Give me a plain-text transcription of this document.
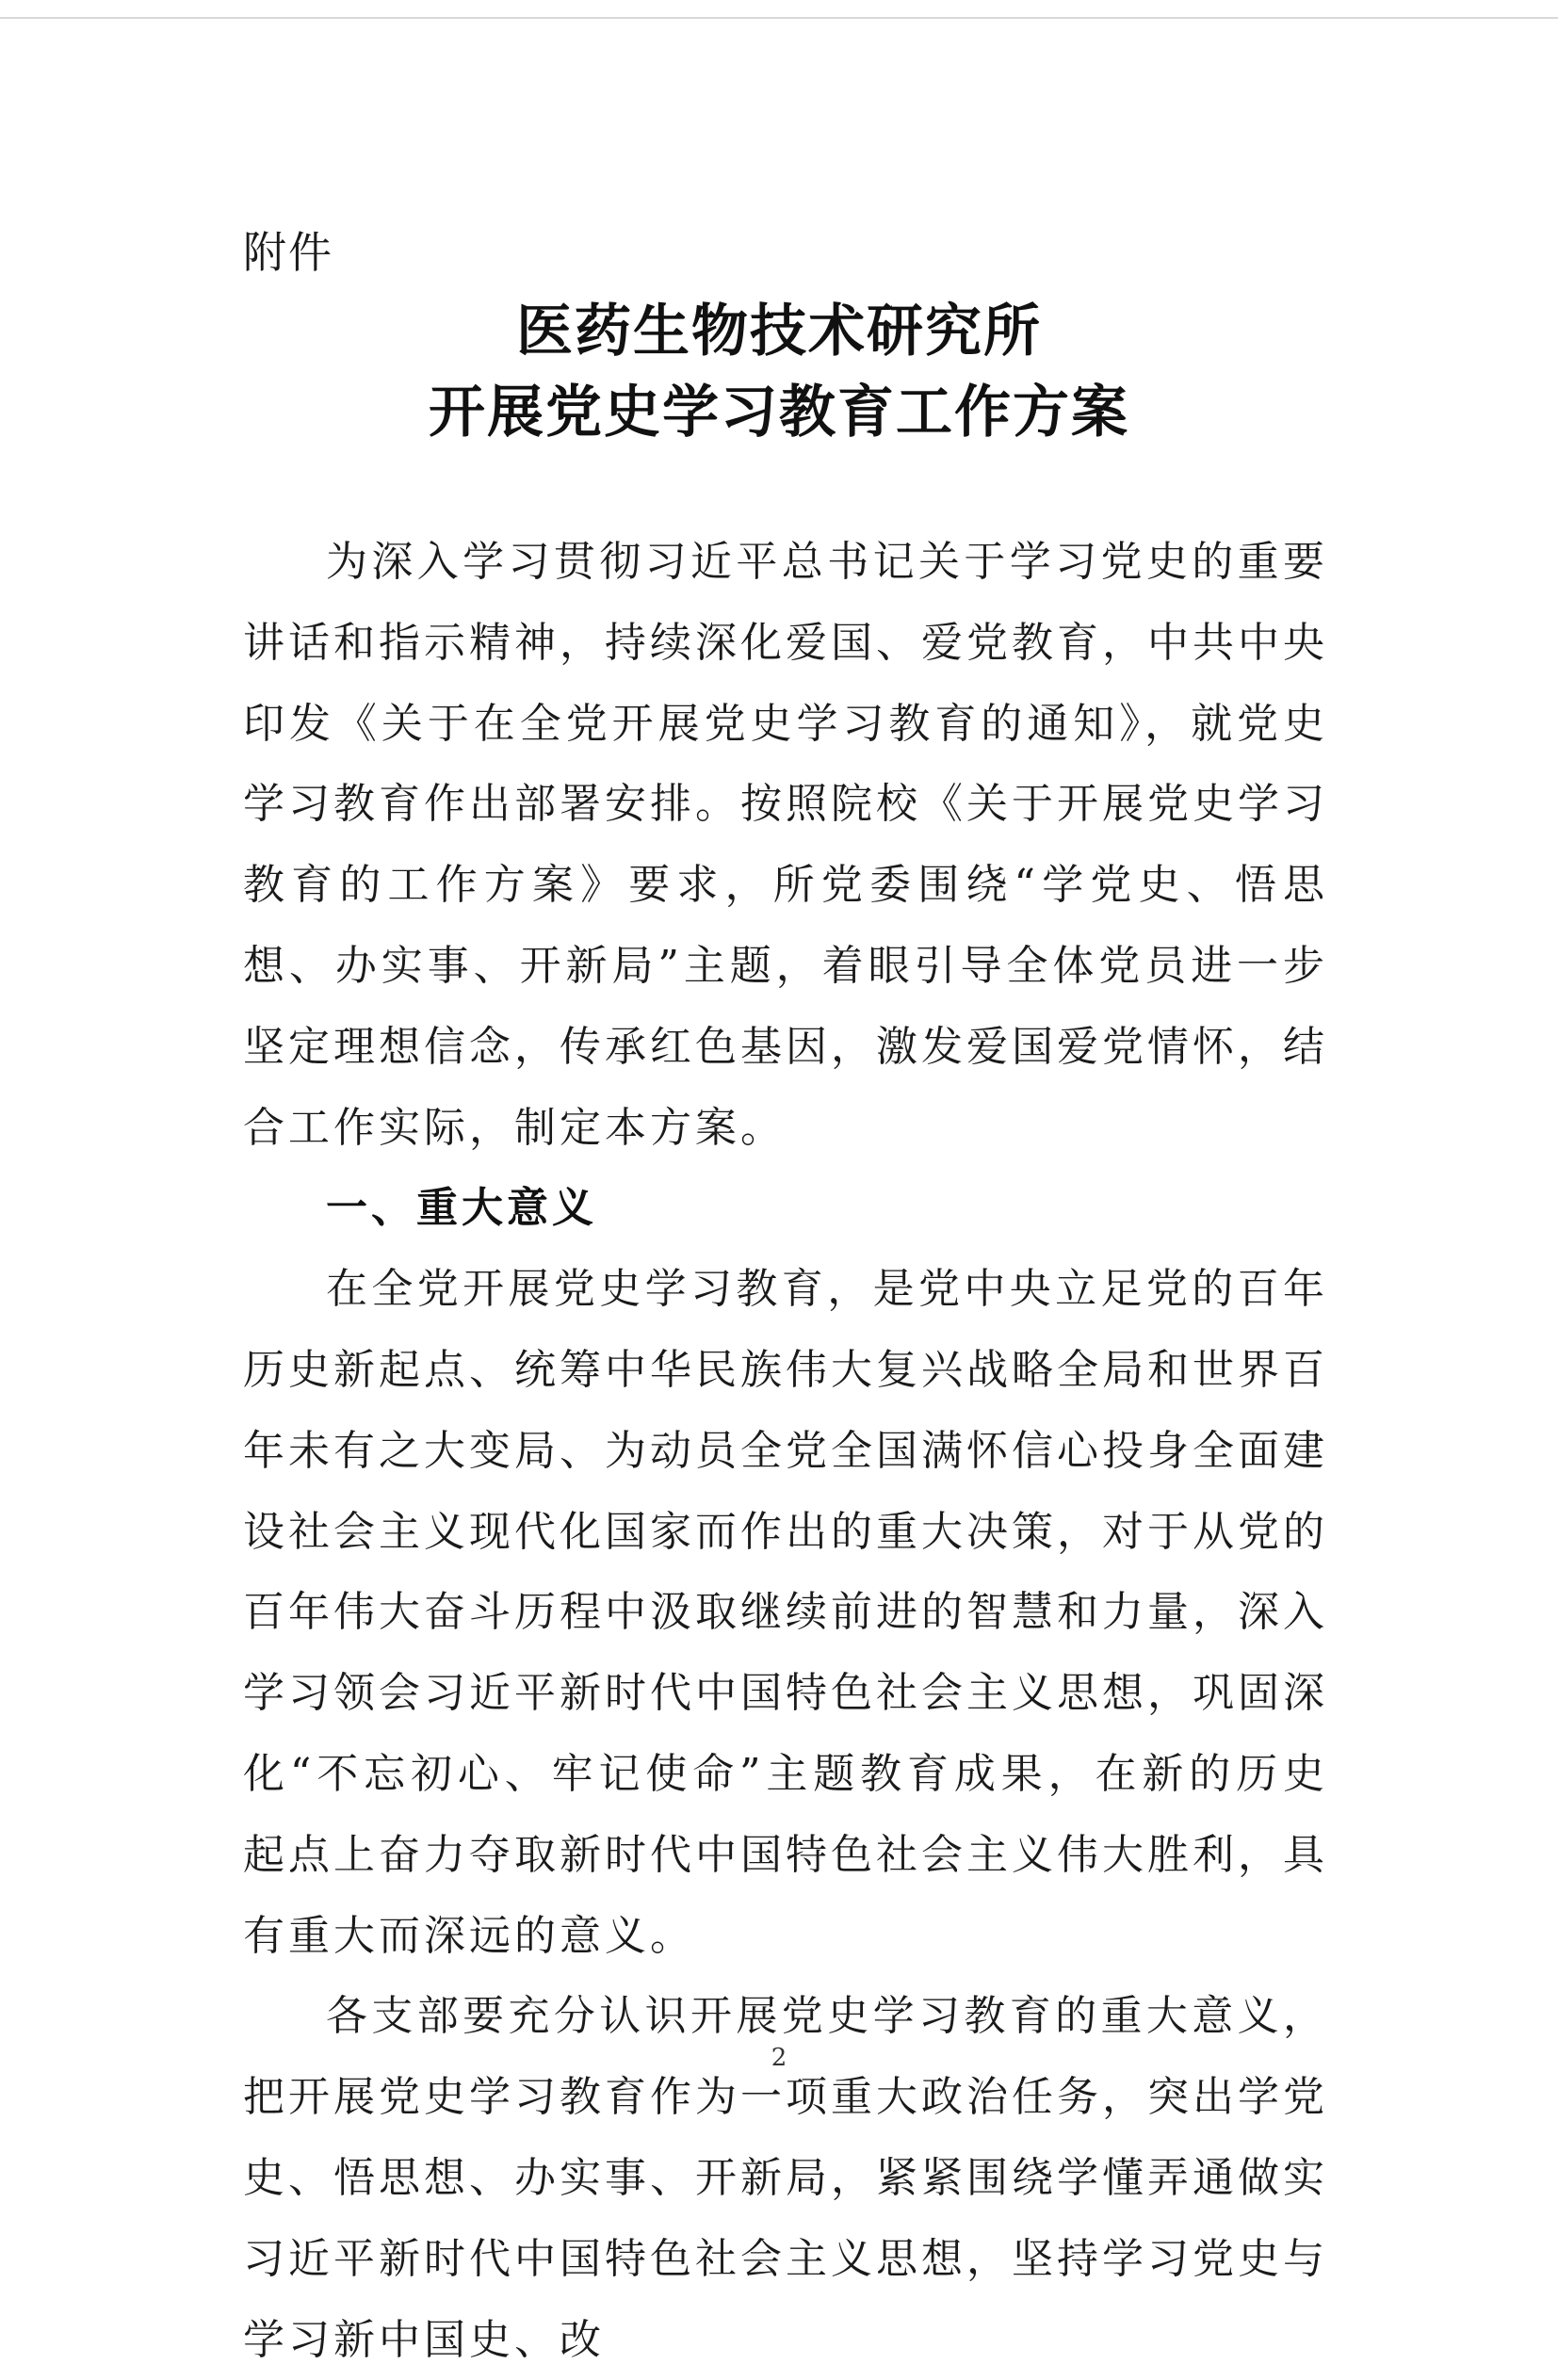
附件
医药生物技术研究所
开展党史学习教育工作方案

为深入学习贯彻习近平总书记关于学习党史的重要讲话和指示精神，持续深化爱国、爱党教育，中共中央印发《关于在全党开展党史学习教育的通知》，就党史学习教育作出部署安排。按照院校《关于开展党史学习教育的工作方案》要求，所党委围绕“学党史、悟思想、办实事、开新局”主题，着眼引导全体党员进一步坚定理想信念，传承红色基因，激发爱国爱党情怀，结合工作实际，制定本方案。

一、重大意义

在全党开展党史学习教育，是党中央立足党的百年历史新起点、统筹中华民族伟大复兴战略全局和世界百年未有之大变局、为动员全党全国满怀信心投身全面建设社会主义现代化国家而作出的重大决策，对于从党的百年伟大奋斗历程中汲取继续前进的智慧和力量，深入学习领会习近平新时代中国特色社会主义思想，巩固深化“不忘初心、牢记使命”主题教育成果，在新的历史起点上奋力夺取新时代中国特色社会主义伟大胜利，具有重大而深远的意义。

各支部要充分认识开展党史学习教育的重大意义，把开展党史学习教育作为一项重大政治任务，突出学党史、悟思想、办实事、开新局，紧紧围绕学懂弄通做实习近平新时代中国特色社会主义思想，坚持学习党史与学习新中国史、改

2
